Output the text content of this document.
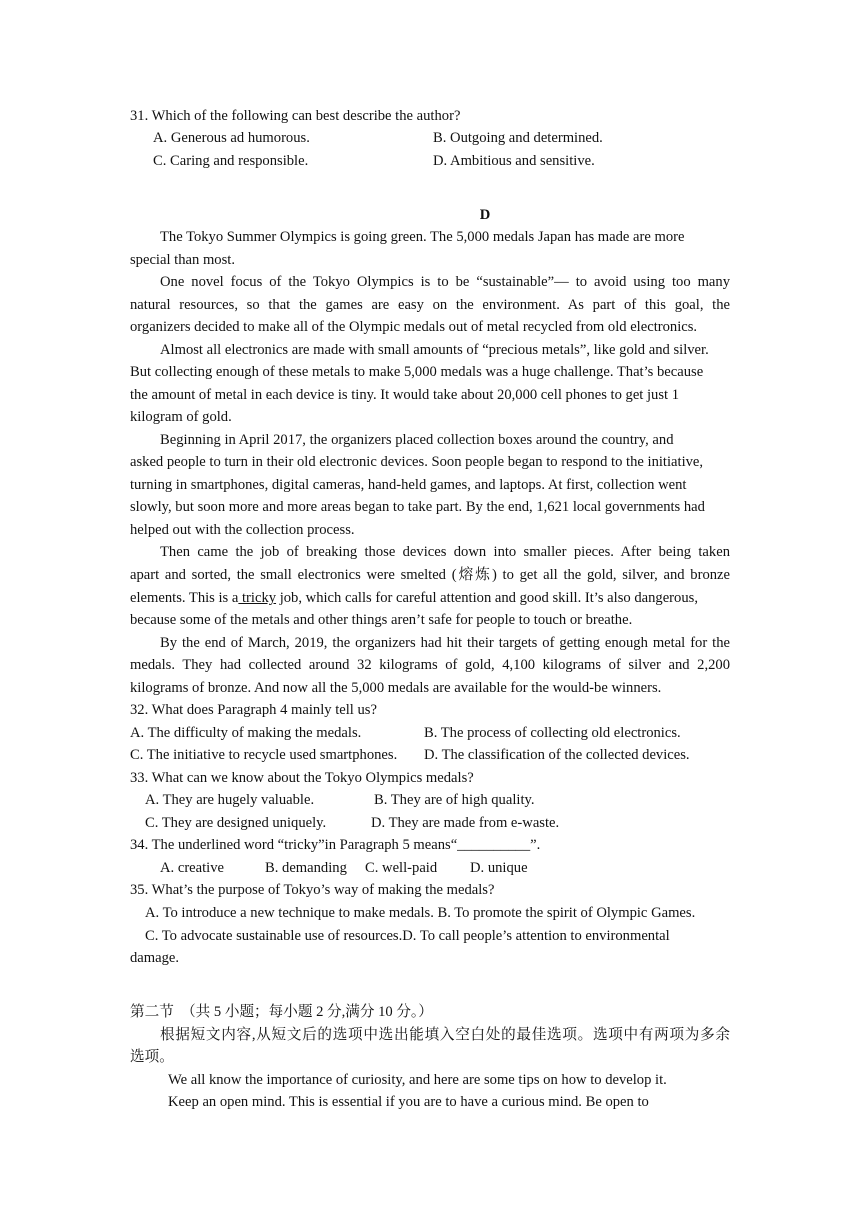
31. Which of the following can best describe the author?
A. Generous ad humorous.	B. Outgoing and determined.
C. Caring and responsible.	D. Ambitious and sensitive.
D
The Tokyo Summer Olympics is going green. The 5,000 medals Japan has made are more
special than most.
One novel focus of the Tokyo Olympics is to be “sustainable”— to avoid using too many
natural resources, so that the games are easy on the environment. As part of this goal, the
organizers decided to make all of the Olympic medals out of metal recycled from old electronics.
Almost all electronics are made with small amounts of “precious metals”, like gold and silver.
But collecting enough of these metals to make 5,000 medals was a huge challenge. That’s because
the amount of metal in each device is tiny. It would take about 20,000 cell phones to get just 1
kilogram of gold.
Beginning in April 2017, the organizers placed collection boxes around the country, and
asked people to turn in their old electronic devices. Soon people began to respond to the initiative,
turning in smartphones, digital cameras, hand-held games, and laptops. At first, collection went
slowly, but soon more and more areas began to take part. By the end, 1,621 local governments had
helped out with the collection process.
Then came the job of breaking those devices down into smaller pieces. After being taken
apart and sorted, the small electronics were smelted (熔炼) to get all the gold, silver, and bronze
elements. This is a tricky job, which calls for careful attention and good skill. It’s also dangerous,
because some of the metals and other things aren’t safe for people to touch or breathe.
By the end of March, 2019, the organizers had hit their targets of getting enough metal for the
medals. They had collected around 32 kilograms of gold, 4,100 kilograms of silver and 2,200
kilograms of bronze. And now all the 5,000 medals are available for the would-be winners.
32. What does Paragraph 4 mainly tell us?
A. The difficulty of making the medals.	B. The process of collecting old electronics.
C. The initiative to recycle used smartphones. D. The classification of the collected devices.
33. What can we know about the Tokyo Olympics medals?
A. They are hugely valuable.	B. They are of high quality.
C. They are designed uniquely.	D. They are made from e-waste.
34. The underlined word “tricky”in Paragraph 5 means“__________”.
A. creative	B. demanding C. well-paid D. unique
35. What’s the purpose of Tokyo’s way of making the medals?
A. To introduce a new technique to make medals. B. To promote the spirit of Olympic Games.
C. To advocate sustainable use of resources.D. To call people’s attention to environmental
damage.
第二节  （共 5 小题；每小题 2 分,满分 10 分。）
根据短文内容,从短文后的选项中选出能填入空白处的最佳选项。选项中有两项为多余
选项。
We all know the importance of curiosity, and here are some tips on how to develop it.
Keep an open mind. This is essential if you are to have a curious mind. Be open to
